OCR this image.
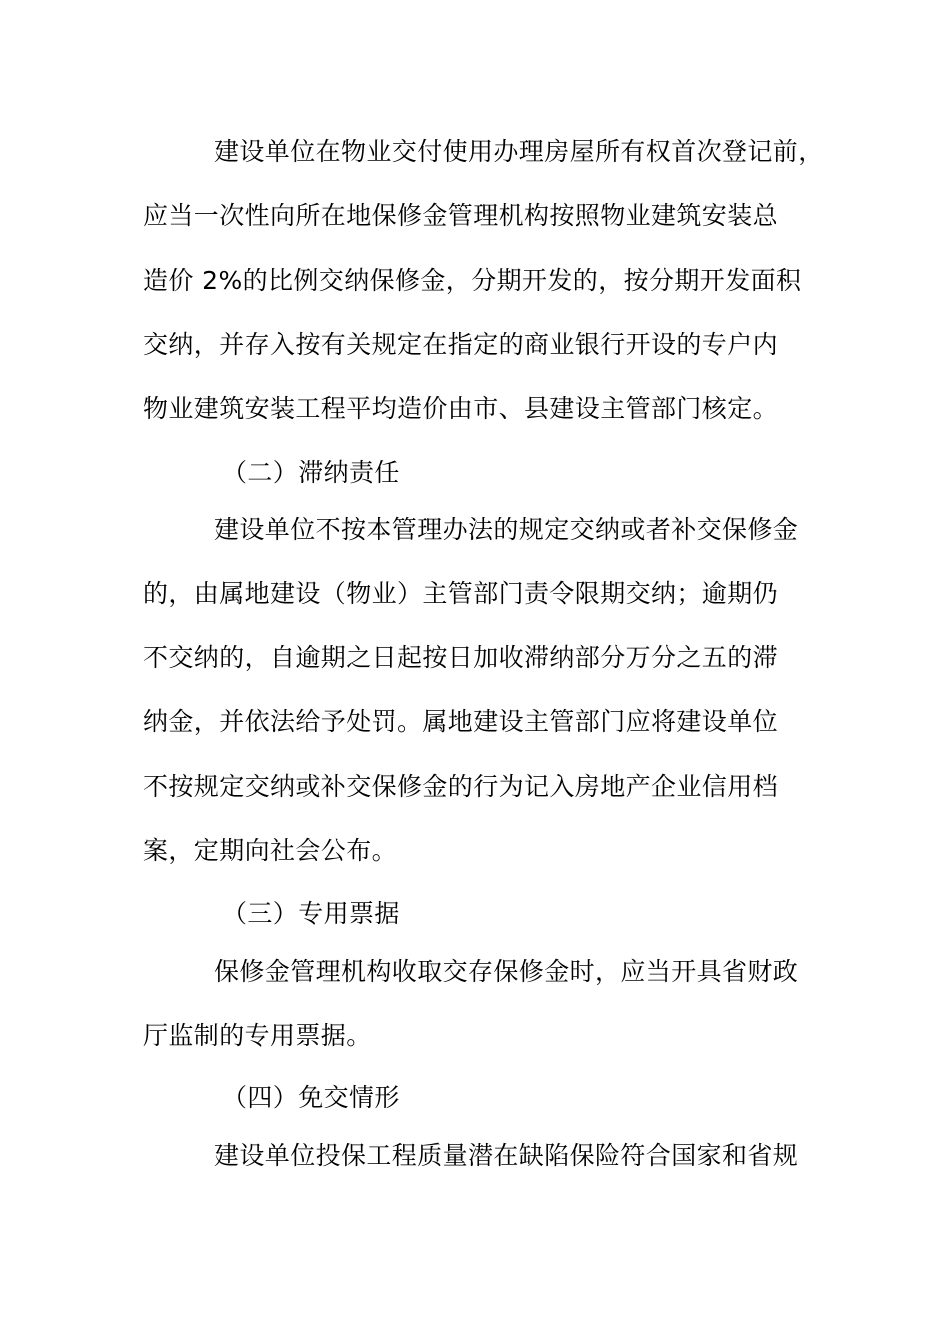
建设单位在物业交付使用办理房屋所有权首次登记前，
应当一次性向所在地保修金管理机构按照物业建筑安装总
造价 2%的比例交纳保修金，分期开发的，按分期开发面积
交纳，并存入按有关规定在指定的商业银行开设的专户内
物业建筑安装工程平均造价由市、县建设主管部门核定。
（二）滞纳责任
建设单位不按本管理办法的规定交纳或者补交保修金
的，由属地建设（物业）主管部门责令限期交纳；逾期仍
不交纳的，自逾期之日起按日加收滞纳部分万分之五的滞
纳金，并依法给予处罚。属地建设主管部门应将建设单位
不按规定交纳或补交保修金的行为记入房地产企业信用档
案，定期向社会公布。
（三）专用票据
保修金管理机构收取交存保修金时，应当开具省财政
厅监制的专用票据。
（四）免交情形
建设单位投保工程质量潜在缺陷保险符合国家和省规
